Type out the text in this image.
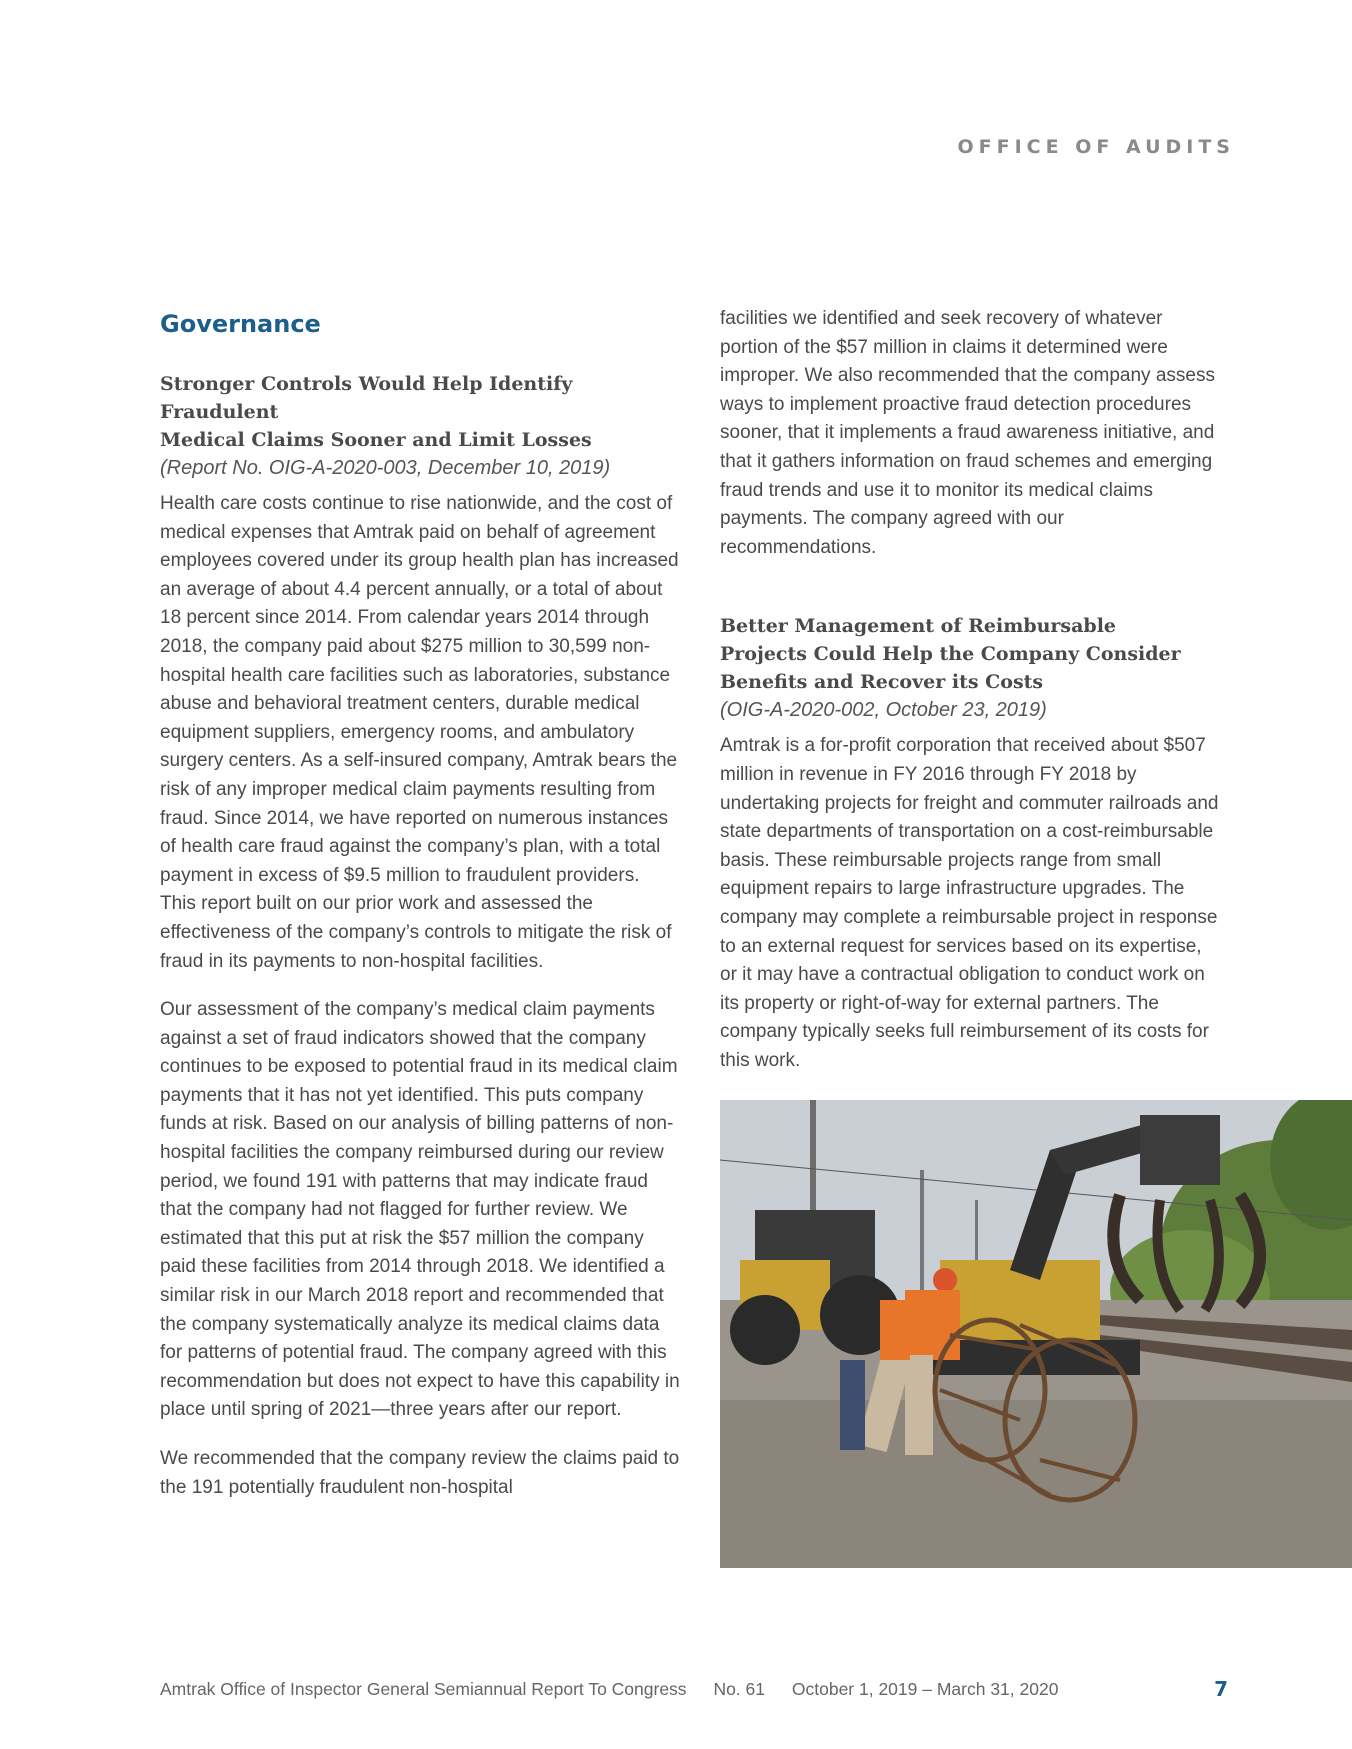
OFFICE OF AUDITS
Governance
Stronger Controls Would Help Identify Fraudulent
Medical Claims Sooner and Limit Losses
(Report No. OIG-A-2020-003, December 10, 2019)

Health care costs continue to rise nationwide, and the cost of medical expenses that Amtrak paid on behalf of agreement employees covered under its group health plan has increased an average of about 4.4 percent annually, or a total of about 18 percent since 2014. From calendar years 2014 through 2018, the company paid about $275 million to 30,599 non-hospital health care facilities such as laboratories, substance abuse and behavioral treatment centers, durable medical equipment suppliers, emergency rooms, and ambulatory surgery centers. As a self-insured company, Amtrak bears the risk of any improper medical claim payments resulting from fraud. Since 2014, we have reported on numerous instances of health care fraud against the company’s plan, with a total payment in excess of $9.5 million to fraudulent providers. This report built on our prior work and assessed the effectiveness of the company’s controls to mitigate the risk of fraud in its payments to non-hospital facilities.

Our assessment of the company’s medical claim payments against a set of fraud indicators showed that the company continues to be exposed to potential fraud in its medical claim payments that it has not yet identified. This puts company funds at risk. Based on our analysis of billing patterns of non-hospital facilities the company reimbursed during our review period, we found 191 with patterns that may indicate fraud that the company had not flagged for further review. We estimated that this put at risk the $57 million the company paid these facilities from 2014 through 2018. We identified a similar risk in our March 2018 report and recommended that the company systematically analyze its medical claims data for patterns of potential fraud. The company agreed with this recommendation but does not expect to have this capability in place until spring of 2021—three years after our report.

We recommended that the company review the claims paid to the 191 potentially fraudulent non-hospital

facilities we identified and seek recovery of whatever portion of the $57 million in claims it determined were improper. We also recommended that the company assess ways to implement proactive fraud detection procedures sooner, that it implements a fraud awareness initiative, and that it gathers information on fraud schemes and emerging fraud trends and use it to monitor its medical claims payments. The company agreed with our recommendations.

Better Management of Reimbursable
Projects Could Help the Company Consider
Benefits and Recover its Costs
(OIG-A-2020-002, October 23, 2019)

Amtrak is a for-profit corporation that received about $507 million in revenue in FY 2016 through FY 2018 by undertaking projects for freight and commuter railroads and state departments of transportation on a cost-reimbursable basis. These reimbursable projects range from small equipment repairs to large infrastructure upgrades. The company may complete a reimbursable project in response to an external request for services based on its expertise, or it may have a contractual obligation to conduct work on its property or right-of-way for external partners. The company typically seeks full reimbursement of its costs for this work.

Amtrak Office of Inspector General Semiannual Report To Congress No. 61 October 1, 2019 – March 31, 2020	7
